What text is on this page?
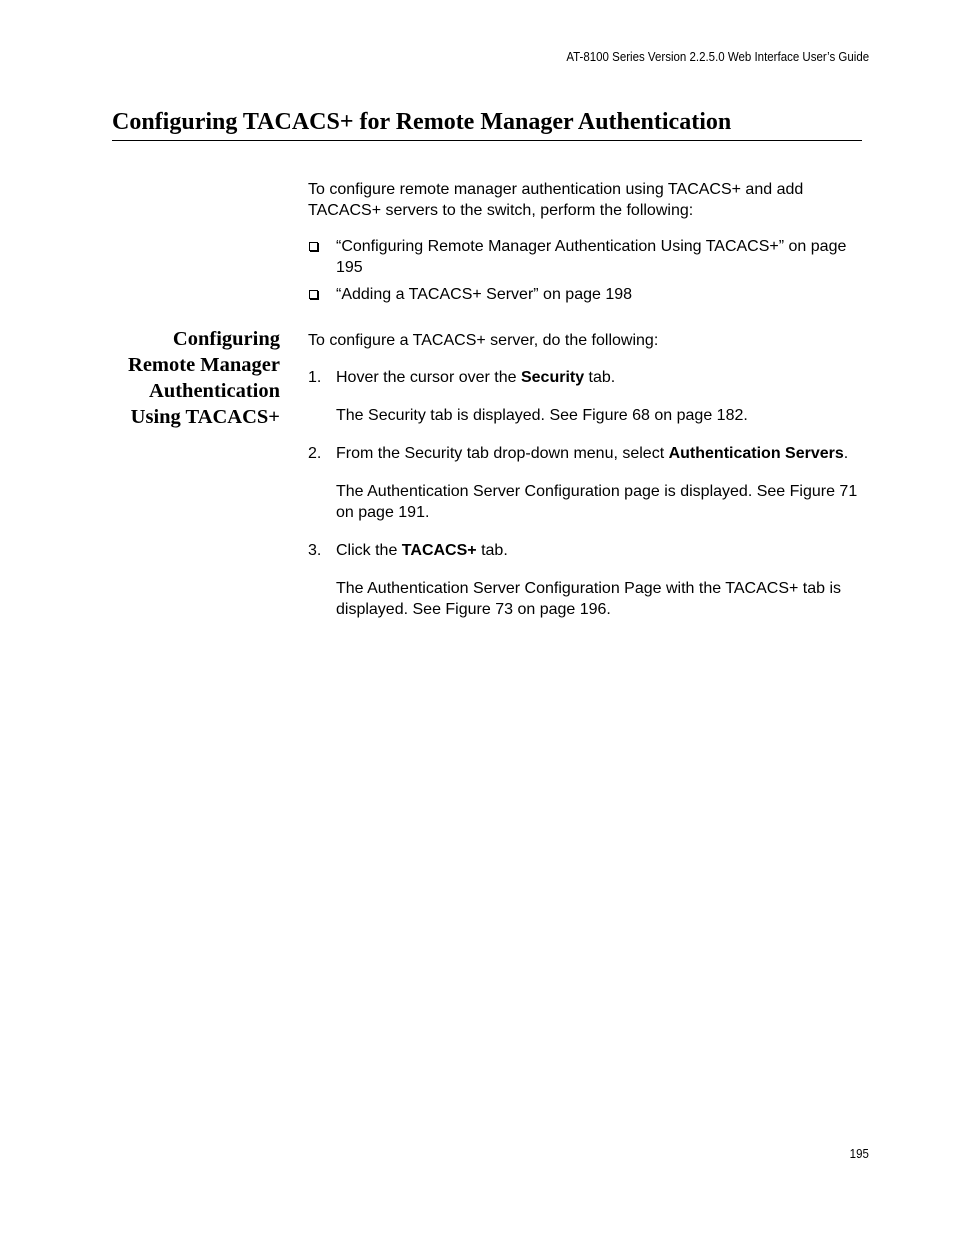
AT-8100 Series Version 2.2.5.0 Web Interface User’s Guide
Configuring TACACS+ for Remote Manager Authentication

To configure remote manager authentication using TACACS+ and add TACACS+ servers to the switch, perform the following:

“Configuring Remote Manager Authentication Using TACACS+” on page 195
“Adding a TACACS+ Server” on page 198
Configuring
Remote Manager
Authentication
Using TACACS+

To configure a TACACS+ server, do the following:

1. Hover the cursor over the Security tab.

The Security tab is displayed. See Figure 68 on page 182.

2. From the Security tab drop-down menu, select Authentication Servers.

The Authentication Server Configuration page is displayed. See Figure 71 on page 191.

3. Click the TACACS+ tab.

The Authentication Server Configuration Page with the TACACS+ tab is displayed. See Figure 73 on page 196.

195
